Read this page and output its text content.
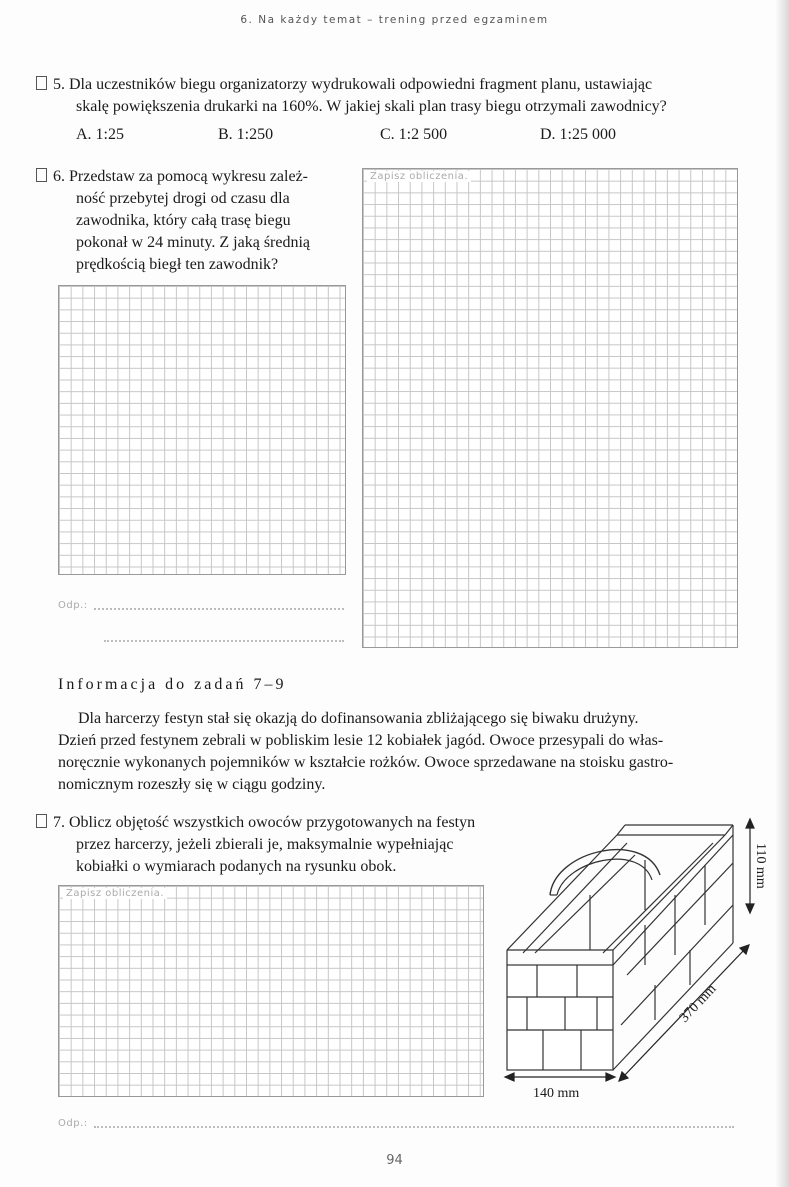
6. Na każdy temat – trening przed egzaminem
5. Dla uczestników biegu organizatorzy wydrukowali odpowiedni fragment planu, ustawiając
skalę powiększenia drukarki na 160%. W jakiej skali plan trasy biegu otrzymali zawodnicy?
A. 1:25	B. 1:250	C. 1:2 500	D. 1:25 000
6. Przedstaw za pomocą wykresu zależ-
ność przebytej drogi od czasu dla
zawodnika, który całą trasę biegu
pokonał w 24 minuty. Z jaką średnią
prędkością biegł ten zawodnik?
Odp.:
Zapisz obliczenia.
Informacja do zadań 7–9
Dla harcerzy festyn stał się okazją do dofinansowania zbliżającego się biwaku drużyny.
Dzień przed festynem zebrali w pobliskim lesie 12 kobiałek jagód. Owoce przesypali do włas-
noręcznie wykonanych pojemników w kształcie rożków. Owoce sprzedawane na stoisku gastro-
nomicznym rozeszły się w ciągu godziny.
7. Oblicz objętość wszystkich owoców przygotowanych na festyn
przez harcerzy, jeżeli zbierali je, maksymalnie wypełniając
kobiałki o wymiarach podanych na rysunku obok.
Zapisz obliczenia.
110 mm
370 mm
140 mm
Odp.:
94
